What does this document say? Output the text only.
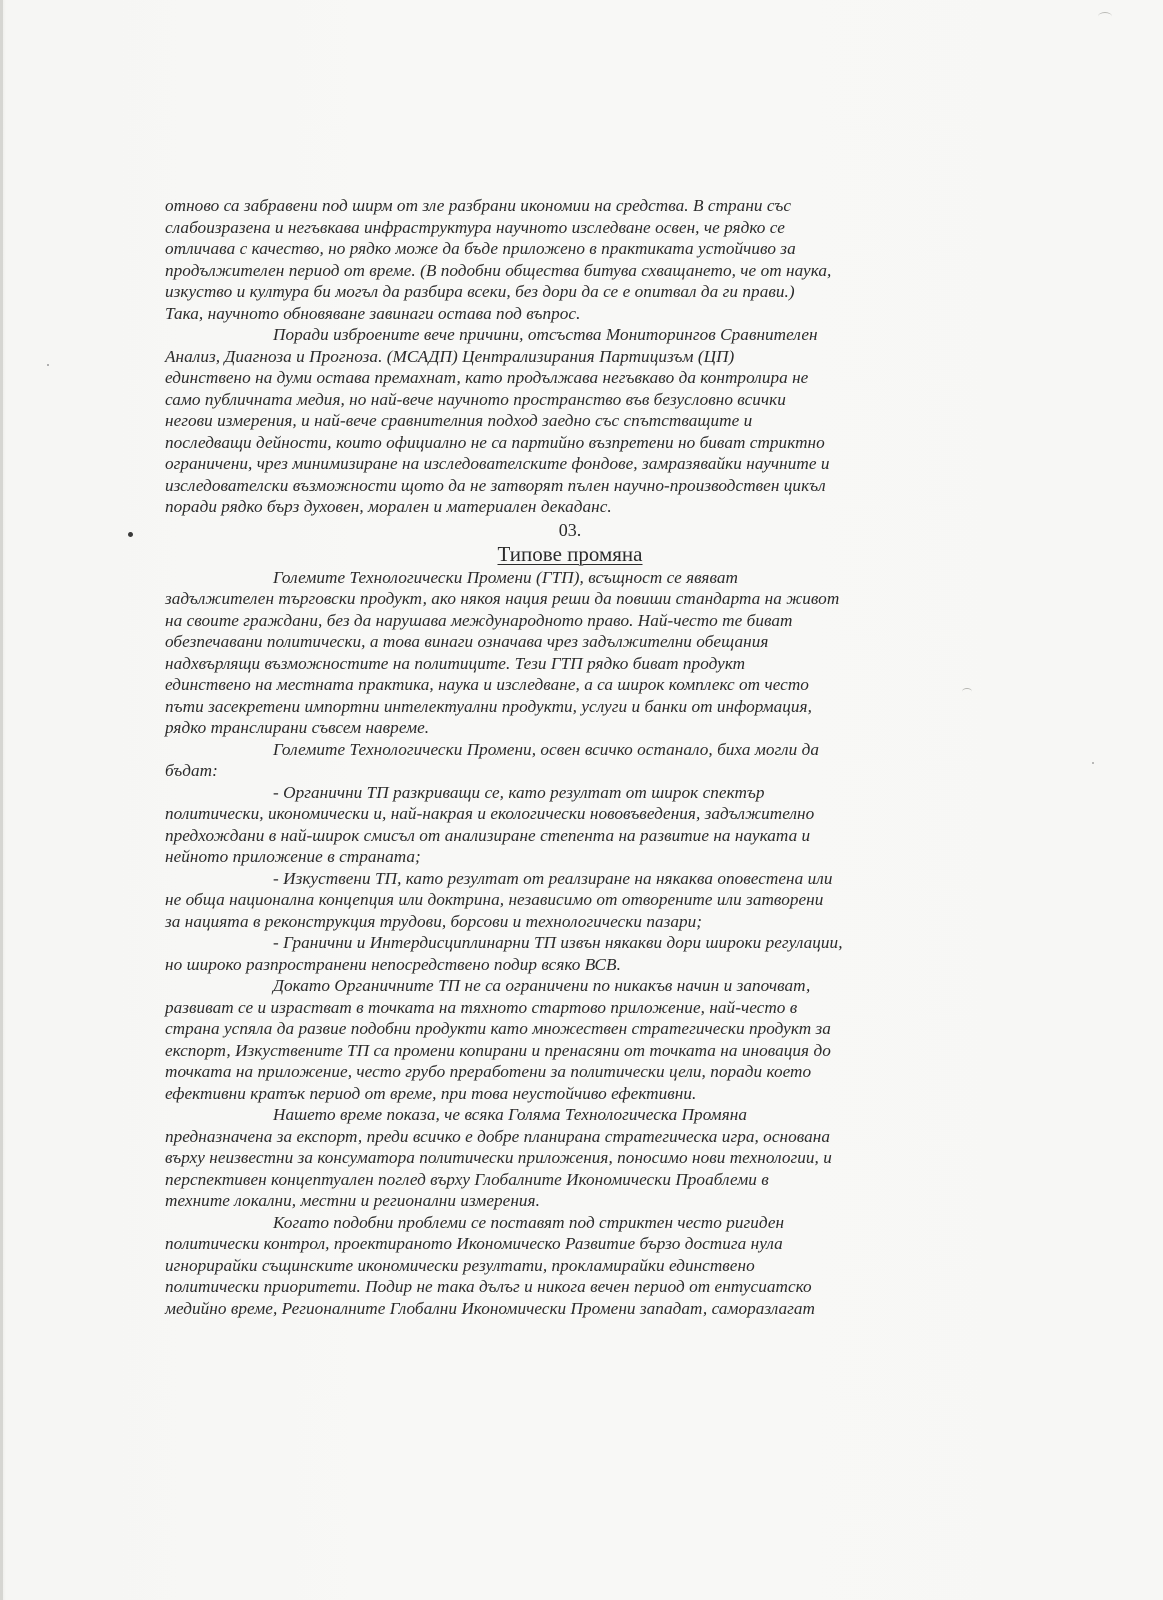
отново са забравени под ширм от зле разбрани икономии на средства. В страни със
слабоизразена и негъвкава инфраструктура научното изследване освен, че рядко се
отличава с качество, но рядко може да бъде приложено в практиката устойчиво за
продължителен период от време. (В подобни общества битува схващането, че от наука,
изкуство и култура би могъл да разбира всеки, без дори да се е опитвал да ги прави.)
Така, научното обновяване завинаги остава под въпрос.
Поради изброените вече причини, отсъства Мониторингов Сравнителен
Анализ, Диагноза и Прогноза. (МСАДП) Централизирания Партицизъм (ЦП)
единствено на думи остава премахнат, като продължава негъвкаво да контролира не
само публичната медия, но най-вече научното пространство във безусловно всички
негови измерения, и най-вече сравнителния подход заедно със спътстващите и
последващи дейности, които официално не са партийно възпретени но биват стриктно
ограничени, чрез минимизиране на изследователските фондове, замразявайки научните и
изследователски възможности щото да не затворят пълен научно-производствен цикъл
поради рядко бърз духовен, морален и материален декаданс.
03.
Типове промяна
Големите Технологически Промени (ГТП), всъщност се явяват
задължителен търговски продукт, ако някоя нация реши да повиши стандарта на живот
на своите граждани, без да нарушава международното право. Най-често те биват
обезпечавани политически, а това винаги означава чрез задължителни обещания
надхвърлящи възможностите на политиците. Тези ГТП рядко биват продукт
единствено на местната практика, наука и изследване, а са широк комплекс от често
пъти засекретени импортни интелектуални продукти, услуги и банки от информация,
рядко транслирани съвсем навреме.
Големите Технологически Промени, освен всичко останало, биха могли да
бъдат:
- Органични ТП разкриващи се, като резултат от широк спектър
политически, икономически и, най-накрая и екологически нововъведения, задължително
предхождани в най-широк смисъл от анализиране степента на развитие на науката и
нейното приложение в страната;
- Изкуствени ТП, като резултат от реалзиране на някаква оповестена или
не обща национална концепция или доктрина, независимо от отворените или затворени
за нацията в реконструкция трудови, борсови и технологически пазари;
- Гранични и Интердисциплинарни ТП извън някакви дори широки регулации,
но широко разпространени непосредствено подир всяко ВСВ.
Докато Органичните ТП не са ограничени по никакъв начин и започват,
развиват се и израстват в точката на тяхното стартово приложение, най-често в
страна успяла да развие подобни продукти като множествен стратегически продукт за
експорт, Изкуствените ТП са промени копирани и пренасяни от точката на иновация до
точката на приложение, често грубо преработени за политически цели, поради което
ефективни кратък период от време, при това неустойчиво ефективни.
Нашето време показа, че всяка Голяма Технологическа Промяна
предназначена за експорт, преди всичко е добре планирана стратегическа игра, основана
върху неизвестни за консуматора политически приложения, поносимо нови технологии, и
перспективен концептуален поглед върху Глобалните Икономически Проаблеми в
техните локални, местни и регионални измерения.
Когато подобни проблеми се поставят под стриктен често ригиден
политически контрол, проектираното Икономическо Развитие бързо достига нула
игнорирайки същинските икономически резултати, прокламирайки единствено
политически приоритети. Подир не така дълъг и никога вечен период от ентусиатско
медийно време, Регионалните Глобални Икономически Промени западат, саморазлагат
